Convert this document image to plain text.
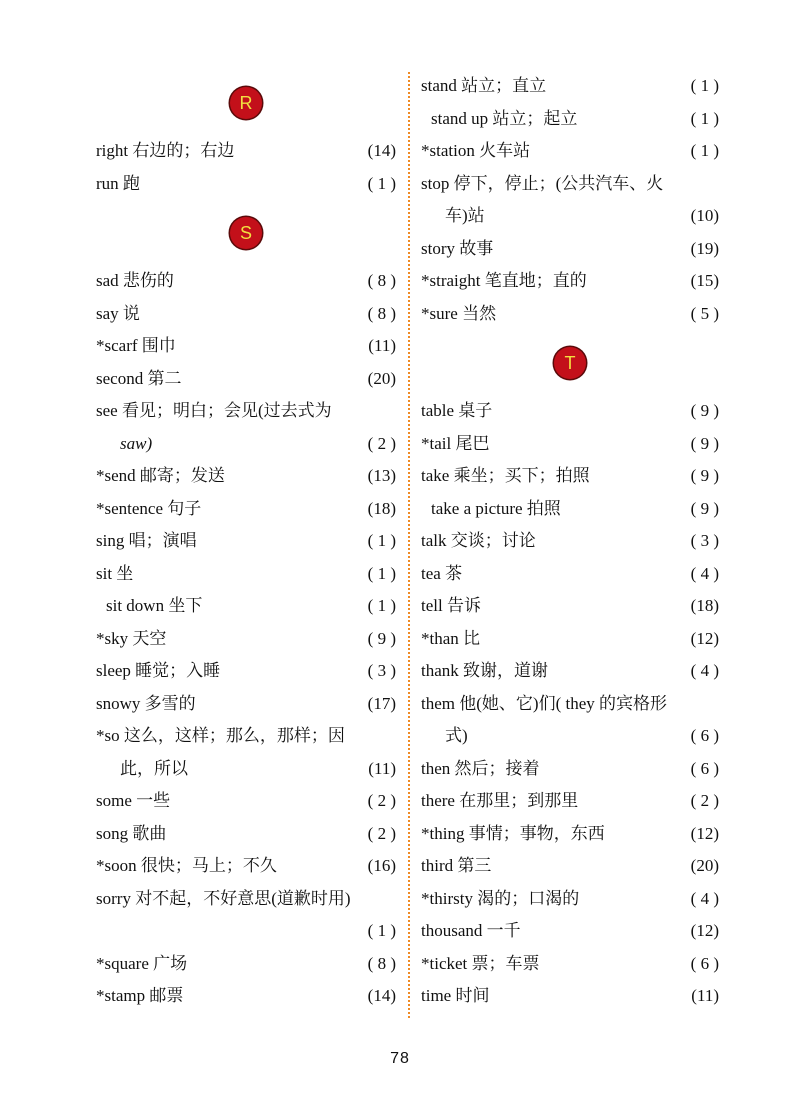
R
right 右边的；右边	(14)
run 跑	( 1 )
S
sad 悲伤的	( 8 )
say 说	( 8 )
*scarf 围巾	(11)
second 第二	(20)
see 看见；明白；会见(过去式为
saw)	( 2 )
*send 邮寄；发送	(13)
*sentence 句子	(18)
sing 唱；演唱	( 1 )
sit 坐	( 1 )
sit down 坐下	( 1 )
*sky 天空	( 9 )
sleep 睡觉；入睡	( 3 )
snowy 多雪的	(17)
*so 这么，这样；那么，那样；因
此，所以	(11)
some 一些	( 2 )
song 歌曲	( 2 )
*soon 很快；马上；不久	(16)
sorry 对不起，不好意思(道歉时用)
( 1 )
*square 广场	( 8 )
*stamp 邮票	(14)
stand 站立；直立	( 1 )
stand up 站立；起立	( 1 )
*station 火车站	( 1 )
stop 停下，停止；(公共汽车、火
车)站	(10)
story 故事	(19)
*straight 笔直地；直的	(15)
*sure 当然	( 5 )
T
table 桌子	( 9 )
*tail 尾巴	( 9 )
take 乘坐；买下；拍照	( 9 )
take a picture 拍照	( 9 )
talk 交谈；讨论	( 3 )
tea 茶	( 4 )
tell 告诉	(18)
*than 比	(12)
thank 致谢，道谢	( 4 )
them 他(她、它)们( they 的宾格形
式)	( 6 )
then 然后；接着	( 6 )
there 在那里；到那里	( 2 )
*thing 事情；事物，东西	(12)
third 第三	(20)
*thirsty 渴的；口渴的	( 4 )
thousand 一千	(12)
*ticket 票；车票	( 6 )
time 时间	(11)
78
